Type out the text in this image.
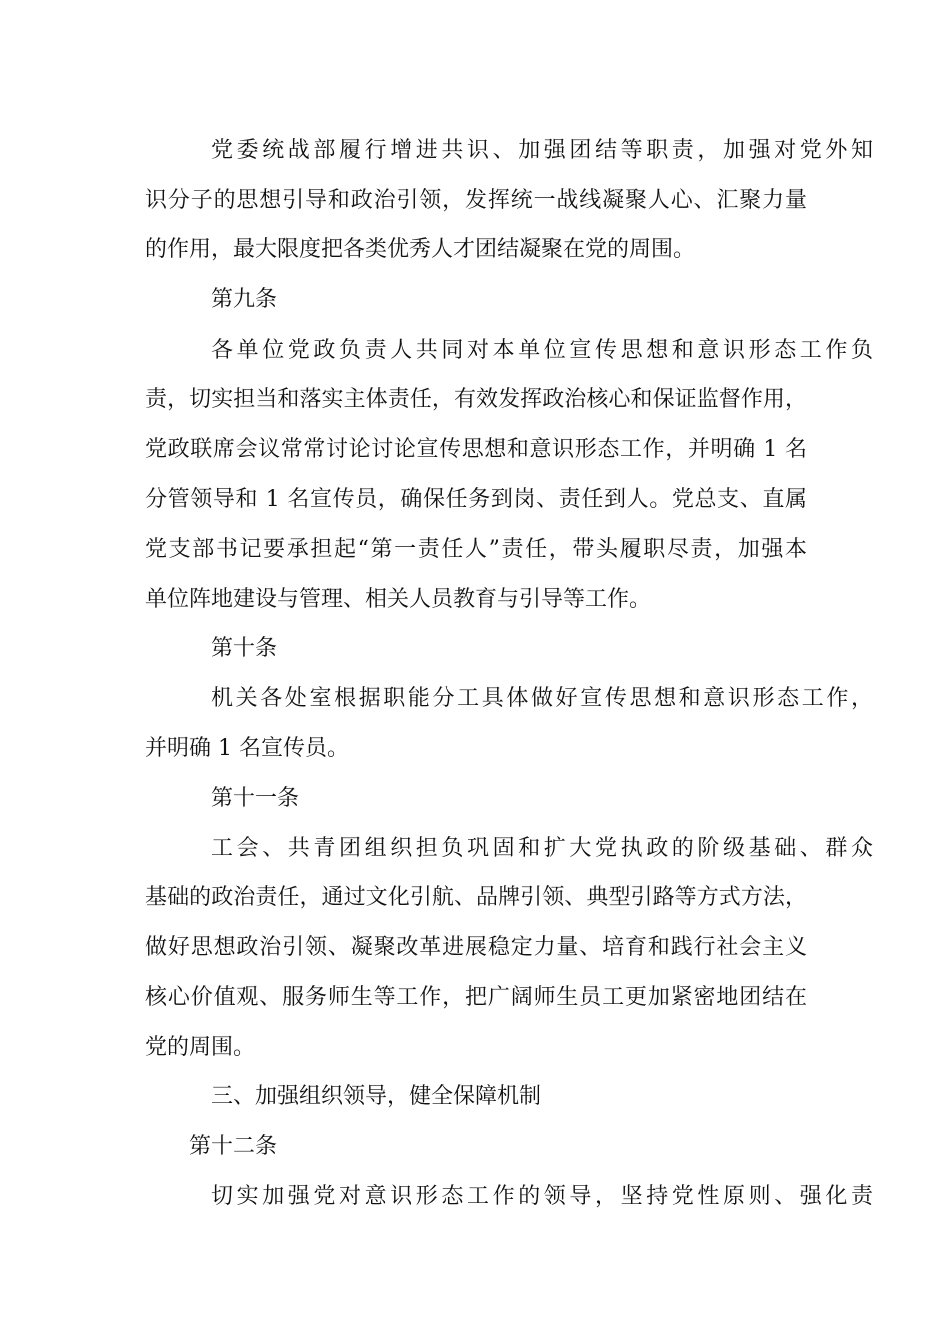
党委统战部履行增进共识、加强团结等职责，加强对党外知
识分子的思想引导和政治引领，发挥统一战线凝聚人心、汇聚力量
的作用，最大限度把各类优秀人才团结凝聚在党的周围。
第九条
各单位党政负责人共同对本单位宣传思想和意识形态工作负
责，切实担当和落实主体责任，有效发挥政治核心和保证监督作用，
党政联席会议常常讨论讨论宣传思想和意识形态工作，并明确 1 名
分管领导和 1 名宣传员，确保任务到岗、责任到人。党总支、直属
党支部书记要承担起“第一责任人”责任，带头履职尽责，加强本
单位阵地建设与管理、相关人员教育与引导等工作。
第十条
机关各处室根据职能分工具体做好宣传思想和意识形态工作，
并明确 1 名宣传员。
第十一条
工会、共青团组织担负巩固和扩大党执政的阶级基础、群众
基础的政治责任，通过文化引航、品牌引领、典型引路等方式方法，
做好思想政治引领、凝聚改革进展稳定力量、培育和践行社会主义
核心价值观、服务师生等工作，把广阔师生员工更加紧密地团结在
党的周围。
三、加强组织领导，健全保障机制
第十二条
切实加强党对意识形态工作的领导，坚持党性原则、强化责
